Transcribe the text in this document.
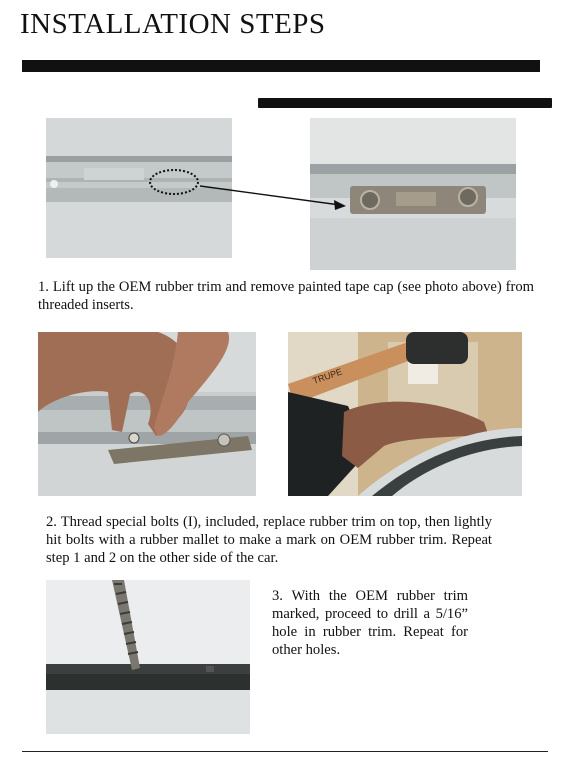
INSTALLATION STEPS
1. Lift up the OEM rubber trim and remove painted tape cap (see photo above) from threaded inserts.
TRUPE
2. Thread special bolts (I), included, replace rubber trim on top, then lightly hit bolts with a rubber mallet to make a mark on OEM rubber trim. Repeat step 1 and 2 on the other side of the car.
3. With the OEM rubber trim marked, proceed to drill a 5/16” hole in rubber trim. Repeat for other holes.
